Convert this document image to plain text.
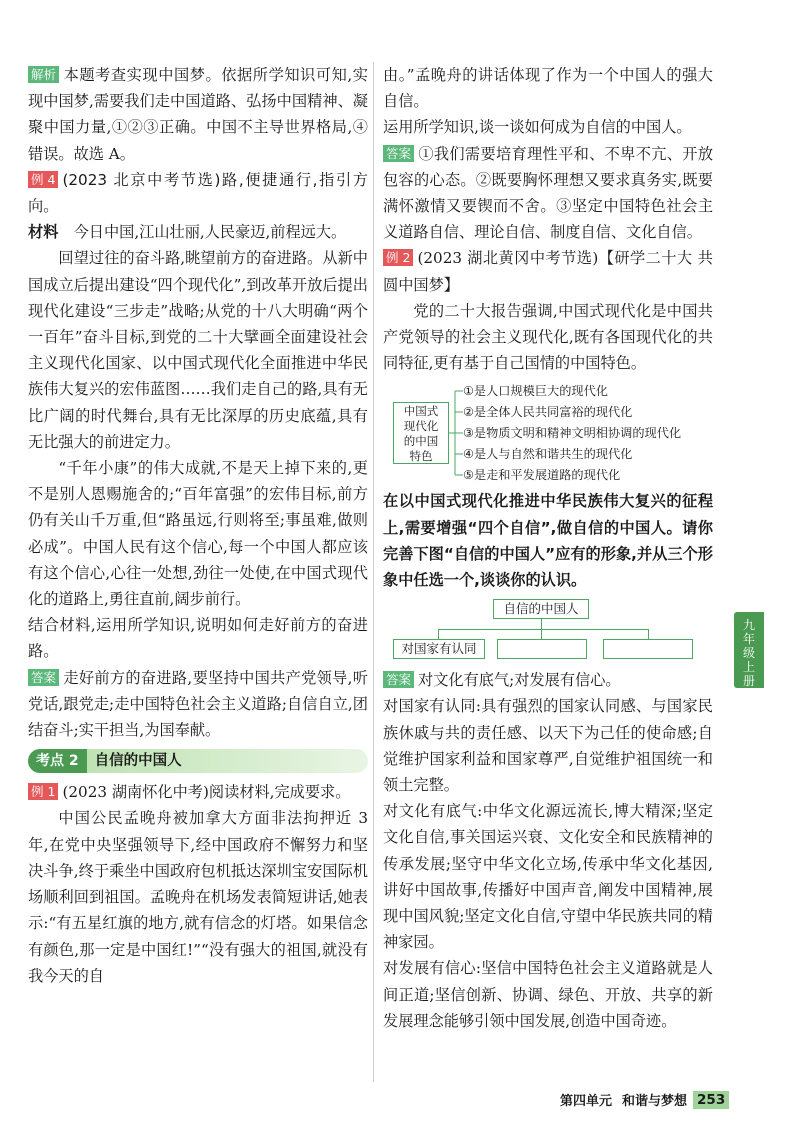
解析 本题考查实现中国梦。依据所学知识可知,实现中国梦,需要我们走中国道路、弘扬中国精神、凝聚中国力量,①②③正确。中国不主导世界格局,④错误。故选 A。

例 4 (2023 北京中考节选)路,便捷通行,指引方向。

材料 今日中国,江山壮丽,人民豪迈,前程远大。

回望过往的奋斗路,眺望前方的奋进路。从新中国成立后提出建设“四个现代化”,到改革开放后提出现代化建设“三步走”战略;从党的十八大明确“两个一百年”奋斗目标,到党的二十大擘画全面建设社会主义现代化国家、以中国式现代化全面推进中华民族伟大复兴的宏伟蓝图……我们走自己的路,具有无比广阔的时代舞台,具有无比深厚的历史底蕴,具有无比强大的前进定力。

“千年小康”的伟大成就,不是天上掉下来的,更不是别人恩赐施舍的;“百年富强”的宏伟目标,前方仍有关山千万重,但“路虽远,行则将至;事虽难,做则必成”。中国人民有这个信心,每一个中国人都应该有这个信心,心往一处想,劲往一处使,在中国式现代化的道路上,勇往直前,阔步前行。

结合材料,运用所学知识,说明如何走好前方的奋进路。

答案 走好前方的奋进路,要坚持中国共产党领导,听党话,跟党走;走中国特色社会主义道路;自信自立,团结奋斗;实干担当,为国奉献。

考点 2	自信的中国人

例 1 (2023 湖南怀化中考)阅读材料,完成要求。

中国公民孟晚舟被加拿大方面非法拘押近 3 年,在党中央坚强领导下,经中国政府不懈努力和坚决斗争,终于乘坐中国政府包机抵达深圳宝安国际机场顺利回到祖国。孟晚舟在机场发表简短讲话,她表示:“有五星红旗的地方,就有信念的灯塔。如果信念有颜色,那一定是中国红!”“没有强大的祖国,就没有我今天的自

由。”孟晚舟的讲话体现了作为一个中国人的强大自信。

运用所学知识,谈一谈如何成为自信的中国人。

答案 ①我们需要培育理性平和、不卑不亢、开放包容的心态。②既要胸怀理想又要求真务实,既要满怀激情又要锲而不舍。③坚定中国特色社会主义道路自信、理论自信、制度自信、文化自信。

例 2 (2023 湖北黄冈中考节选)【研学二十大 共圆中国梦】

党的二十大报告强调,中国式现代化是中国共产党领导的社会主义现代化,既有各国现代化的共同特征,更有基于自己国情的中国特色。

中国式
现代化
的中国
特色
①是人口规模巨大的现代化
②是全体人民共同富裕的现代化
③是物质文明和精神文明相协调的现代化
④是人与自然和谐共生的现代化
⑤是走和平发展道路的现代化

在以中国式现代化推进中华民族伟大复兴的征程上,需要增强“四个自信”,做自信的中国人。请你完善下图“自信的中国人”应有的形象,并从三个形象中任选一个,谈谈你的认识。

自信的中国人
对国家有认同

答案 对文化有底气;对发展有信心。

对国家有认同:具有强烈的国家认同感、与国家民族休戚与共的责任感、以天下为己任的使命感;自觉维护国家利益和国家尊严,自觉维护祖国统一和领土完整。

对文化有底气:中华文化源远流长,博大精深;坚定文化自信,事关国运兴衰、文化安全和民族精神的传承发展;坚守中华文化立场,传承中华文化基因,讲好中国故事,传播好中国声音,阐发中国精神,展现中国风貌;坚定文化自信,守望中华民族共同的精神家园。

对发展有信心:坚信中国特色社会主义道路就是人间正道;坚信创新、协调、绿色、开放、共享的新发展理念能够引领中国发展,创造中国奇迹。

九
年
级
上
册
第四单元 和谐与梦想 253
